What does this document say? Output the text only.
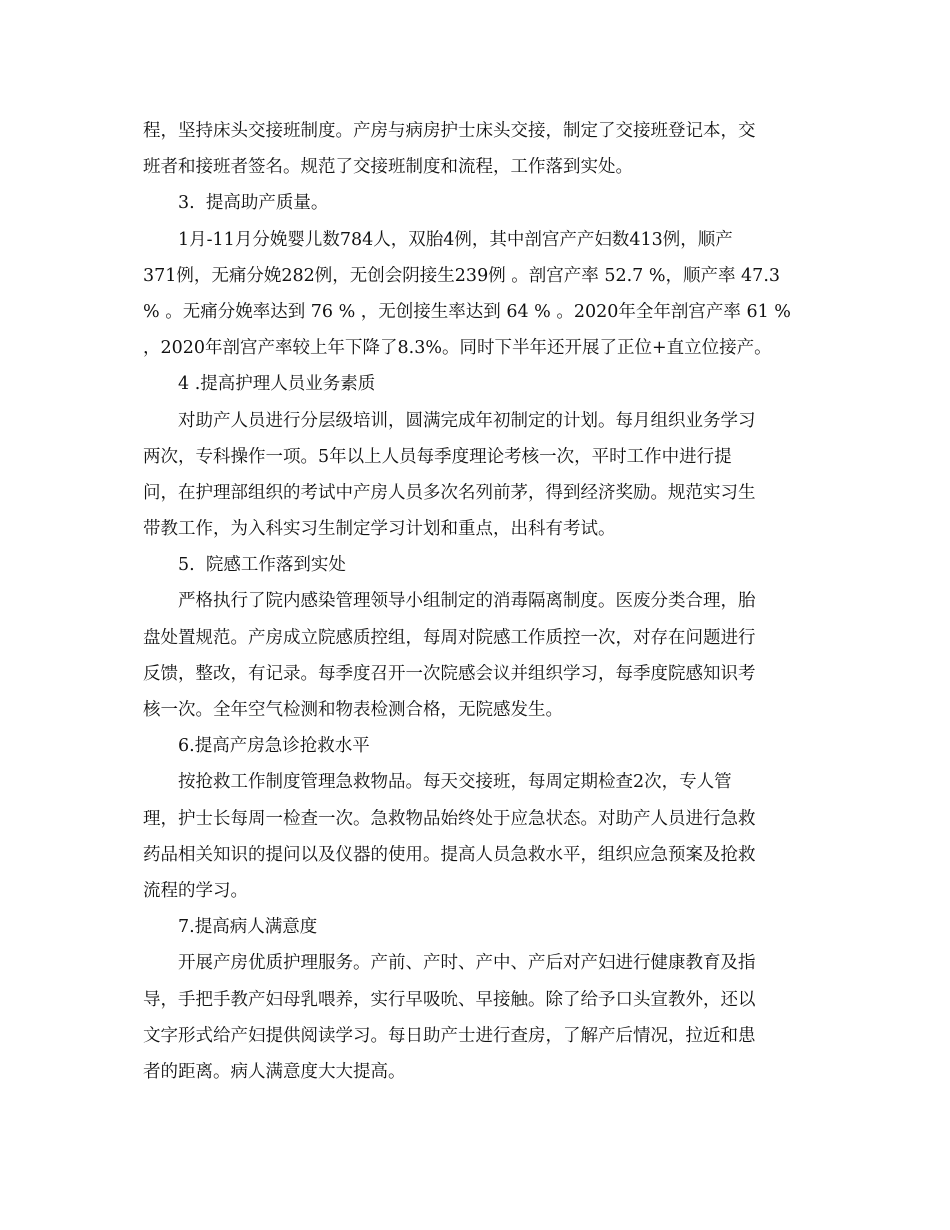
程，坚持床头交接班制度。产房与病房护士床头交接，制定了交接班登记本，交
班者和接班者签名。规范了交接班制度和流程，工作落到实处。
3.  提高助产质量。
1月-11月分娩婴儿数784人，双胎4例，其中剖宫产产妇数413例，顺产
371例，无痛分娩282例，无创会阴接生239例 。剖宫产率 52.7 %，顺产率 47.3
% 。无痛分娩率达到 76 % ，无创接生率达到 64 % 。2020年全年剖宫产率 61 %
，2020年剖宫产率较上年下降了8.3%。同时下半年还开展了正位+直立位接产。
4 .提高护理人员业务素质
对助产人员进行分层级培训，圆满完成年初制定的计划。每月组织业务学习
两次，专科操作一项。5年以上人员每季度理论考核一次，平时工作中进行提
问，在护理部组织的考试中产房人员多次名列前茅，得到经济奖励。规范实习生
带教工作，为入科实习生制定学习计划和重点，出科有考试。
5.  院感工作落到实处
严格执行了院内感染管理领导小组制定的消毒隔离制度。医废分类合理，胎
盘处置规范。产房成立院感质控组，每周对院感工作质控一次，对存在问题进行
反馈，整改，有记录。每季度召开一次院感会议并组织学习，每季度院感知识考
核一次。全年空气检测和物表检测合格，无院感发生。
6.提高产房急诊抢救水平
按抢救工作制度管理急救物品。每天交接班，每周定期检查2次，专人管
理，护士长每周一检查一次。急救物品始终处于应急状态。对助产人员进行急救
药品相关知识的提问以及仪器的使用。提高人员急救水平，组织应急预案及抢救
流程的学习。
7.提高病人满意度
开展产房优质护理服务。产前、产时、产中、产后对产妇进行健康教育及指
导，手把手教产妇母乳喂养，实行早吸吮、早接触。除了给予口头宣教外，还以
文字形式给产妇提供阅读学习。每日助产士进行查房，了解产后情况，拉近和患
者的距离。病人满意度大大提高。
